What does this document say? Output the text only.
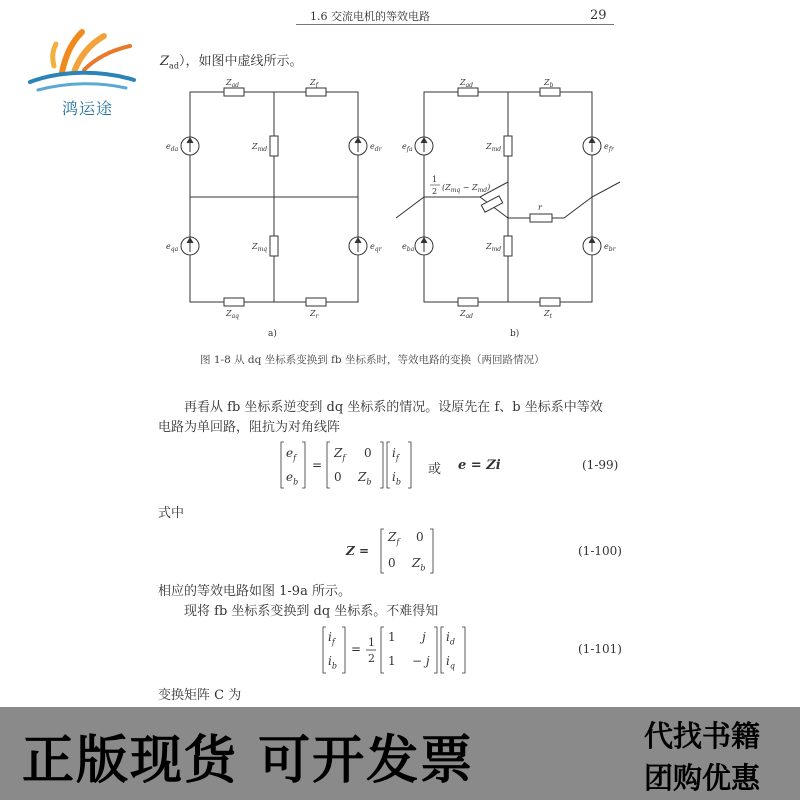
1.6 交流电机的等效电路	29
鸿运途
$Z_{ad}$），如图中虚线所示。
$Z_{ad}$	$Z_f$
$Z_{md}$
$Z_{mq}$
$Z_{aq}$	$Z_r$
$e_{da}$	$e_{dr}$
$e_{qa}$	$e_{qr}$
a)
$Z_{ad}$	$Z_b$
$Z_{md}$
$Z_{md}$
$Z_{ad}$	$Z_t$
$e_{fa}$	$e_{fr}$
$e_{ba}$	$e_{br}$
1
2 $(Z_{mq} - Z_{md})$
r
b)
图 1-8 从 dq 坐标系变换到 fb 坐标系时，等效电路的变换（两回路情况）
再看从 fb 坐标系逆变到 dq 坐标系的情况。设原先在 f、b 坐标系中等效
电路为单回路，阻抗为对角线阵
$e_f$
$e_b$
=
$Z_f$ 0
0 $Z_b$
$i_f$
$i_b$
或 e = Zi	(1-99)
式中
Z =
$Z_f$ 0
0 $Z_b$
(1-100)
相应的等效电路如图 1-9a 所示。
现将 fb 坐标系变换到 dq 坐标系。不难得知
$i_f$
$i_b$
= 1
2
1 j
1 − j
$i_d$
$i_q$
(1-101)
变换矩阵 C 为
正版现货 可开发票	代找书籍
团购优惠
